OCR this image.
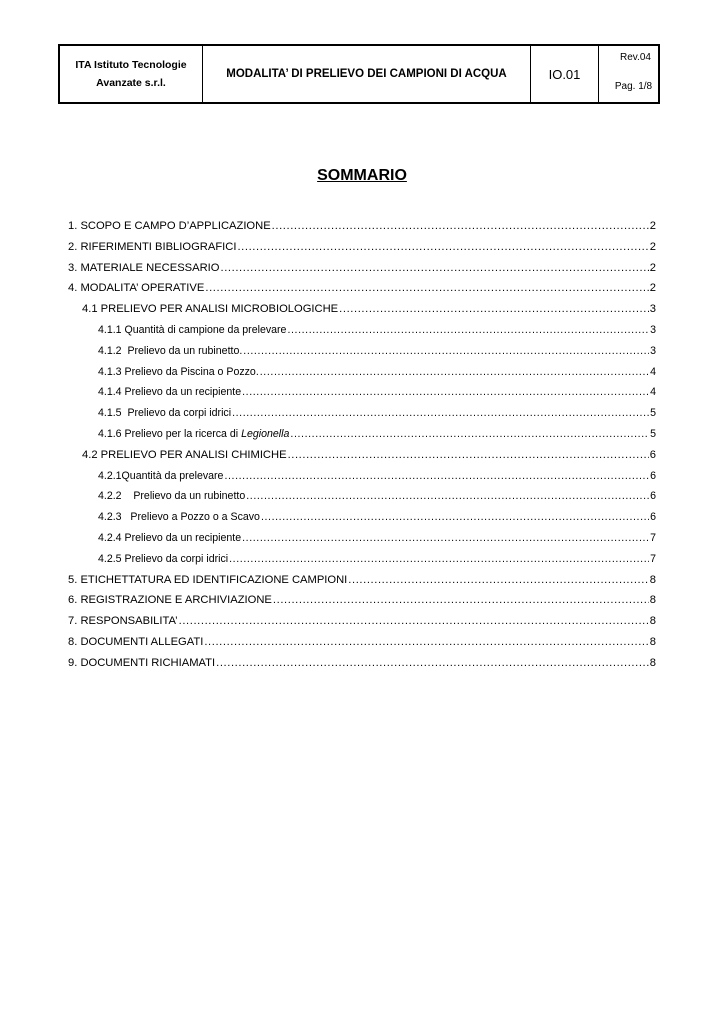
ITA Istituto Tecnologie
Avanzate s.r.l.
MODALITA’ DI PRELIEVO DEI CAMPIONI DI ACQUA	IO.01
Rev.04
Pag. 1/8
SOMMARIO
1. SCOPO E CAMPO D’APPLICAZIONE .....	2
2. RIFERIMENTI BIBLIOGRAFICI .....	2
3. MATERIALE NECESSARIO .....	2
4. MODALITA’ OPERATIVE .....	2
4.1 PRELIEVO PER ANALISI MICROBIOLOGICHE .....	3
4.1.1 Quantità di campione da prelevare .....	3
4.1.2  Prelievo da un rubinetto. .....	3
4.1.3 Prelievo da Piscina o Pozzo. .....	4
4.1.4 Prelievo da un recipiente .....	4
4.1.5  Prelievo da corpi idrici .....	5
4.1.6 Prelievo per la ricerca di Legionella .....	5
4.2 PRELIEVO PER ANALISI CHIMICHE .....	6
4.2.1Quantità da prelevare .....	6
4.2.2    Prelievo da un rubinetto .....	6
4.2.3   Prelievo a Pozzo o a Scavo .....	6
4.2.4 Prelievo da un recipiente .....	7
4.2.5 Prelievo da corpi idrici .....	7
5. ETICHETTATURA ED IDENTIFICAZIONE CAMPIONI .....	8
6. REGISTRAZIONE E ARCHIVIAZIONE .....	8
7. RESPONSABILITA’ .....	8
8. DOCUMENTI ALLEGATI .....	8
9. DOCUMENTI RICHIAMATI .....	8
